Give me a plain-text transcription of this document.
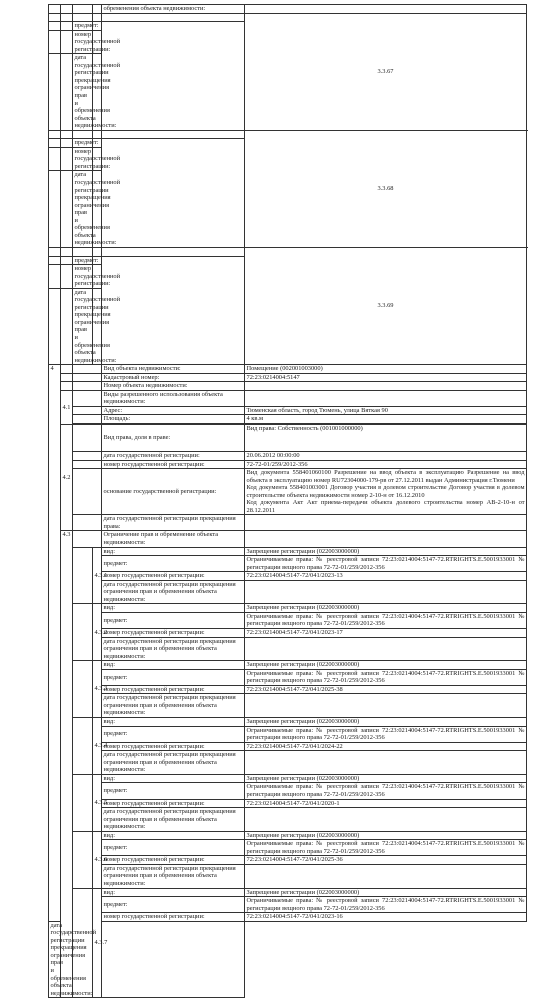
				обременения объекта недвижимости:		
					3.3.67		
		предмет:				
		номер государственной регистрации:				
		дата государственной регистрации прекращения ограничения прав и обременения объекта недвижимости:				
					3.3.68		
		предмет:				
		номер государственной регистрации:				
		дата государственной регистрации прекращения ограничения прав и обременения объекта недвижимости:				
					3.3.69		
		предмет:				
		номер государственной регистрации:				
		дата государственной регистрации прекращения ограничения прав и обременения объекта недвижимости:				
4				Вид объекта недвижимости:	Помещение (002001003000)	
				Кадастровый номер:	72:23:0214004:5147	
				Номер объекта недвижимости:		
	4.1			Виды разрешенного использования объекта недвижимости:		
				Адрес:	Тюменская область, город Тюмень, улица Вяткая 90	
				Площадь:	4 кв.м	

	4.2			Вид права, доля в праве:	Вид права: Собственность (001001000000)	
				дата государственной регистрации:	20.06.2012 00:00:00	
				номер государственной регистрации:	72-72-01/259/2012-356	
				основание государственной регистрации:	Вид документа 558401060100 Разрешение на ввод объекта в эксплуатацию Разрешение на ввод объекта в эксплуатацию номер RU72304000-179-рв от 27.12.2011 выдан Администрация г.Тюмени
Код документа 558401003001 Договор участия в долевом строительстве Договор участия в долевом строительстве объекта недвижимости номер 2-10-н от 16.12.2010
Код документа Акт Акт приема-передачи объекта долевого строительства номер АВ-2-10-н от 28.12.2011	

				дата государственной регистрации прекращения права:		
	4.3			Ограничение прав и обременение объекта недвижимости:		
			4.3.1	вид:	Запрещение регистрации (022003000000)	
				предмет:	Ограничиваемые права: № реестровой записи 72:23:0214004:5147-72.RTRIGHTS.E.5001933001 № регистрации вещного права 72-72-01/259/2012-356	

				номер государственной регистрации:	72:23:0214004:5147-72/041/2023-13	
				дата государственной регистрации прекращения ограничения прав и обременения объекта недвижимости:		
			4.3.2	вид:	Запрещение регистрации (022003000000)	
				предмет:	Ограничиваемые права: № реестровой записи 72:23:0214004:5147-72.RTRIGHTS.E.5001933001 № регистрации вещного права 72-72-01/259/2012-356	

				номер государственной регистрации:	72:23:0214004:5147-72/041/2023-17	
				дата государственной регистрации прекращения ограничения прав и обременения объекта недвижимости:		
			4.3.3	вид:	Запрещение регистрации (022003000000)	
				предмет:	Ограничиваемые права: № реестровой записи 72:23:0214004:5147-72.RTRIGHTS.E.5001933001 № регистрации вещного права 72-72-01/259/2012-356	

				номер государственной регистрации:	72:23:0214004:5147-72/041/2025-38	
				дата государственной регистрации прекращения ограничения прав и обременения объекта недвижимости:		
			4.3.4	вид:	Запрещение регистрации (022003000000)	
				предмет:	Ограничиваемые права: № реестровой записи 72:23:0214004:5147-72.RTRIGHTS.E.5001933001 № регистрации вещного права 72-72-01/259/2012-356	

				номер государственной регистрации:	72:23:0214004:5147-72/041/2024-22	
				дата государственной регистрации прекращения ограничения прав и обременения объекта недвижимости:		
			4.3.5	вид:	Запрещение регистрации (022003000000)	
				предмет:	Ограничиваемые права: № реестровой записи 72:23:0214004:5147-72.RTRIGHTS.E.5001933001 № регистрации вещного права 72-72-01/259/2012-356	

				номер государственной регистрации:	72:23:0214004:5147-72/041/2020-1	
				дата государственной регистрации прекращения ограничения прав и обременения объекта недвижимости:		
			4.3.6	вид:	Запрещение регистрации (022003000000)	
				предмет:	Ограничиваемые права: № реестровой записи 72:23:0214004:5147-72.RTRIGHTS.E.5001933001 № регистрации вещного права 72-72-01/259/2012-356	

				номер государственной регистрации:	72:23:0214004:5147-72/041/2025-36	
				дата государственной регистрации прекращения ограничения прав и обременения объекта недвижимости:		
			4.3.7	вид:	Запрещение регистрации (022003000000)	
				предмет:	Ограничиваемые права: № реестровой записи 72:23:0214004:5147-72.RTRIGHTS.E.5001933001 № регистрации вещного права 72-72-01/259/2012-356	

				номер государственной регистрации:	72:23:0214004:5147-72/041/2023-16	
дата государственной регистрации прекращения ограничения прав и обременения объекта недвижимости:						
